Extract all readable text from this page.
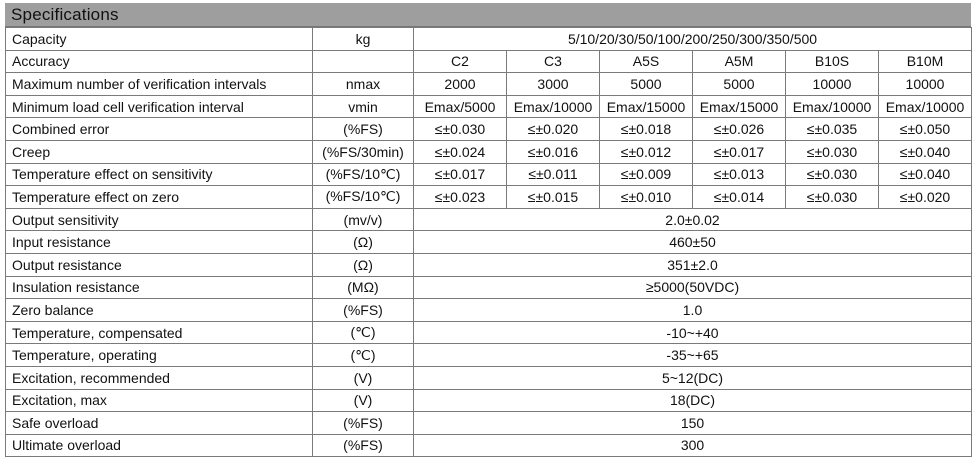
Specifications
Capacity	kg	5/10/20/30/50/100/200/250/300/350/500					
Accuracy		C2	C3	A5S	A5M	B10S	B10M
Maximum number of verification intervals	nmax	2000	3000	5000	5000	10000	10000
Minimum load cell verification interval	vmin	Emax/5000	Emax/10000	Emax/15000	Emax/15000	Emax/10000	Emax/10000
Combined error	(%FS)	≤±0.030	≤±0.020	≤±0.018	≤±0.026	≤±0.035	≤±0.050
Creep	(%FS/30min)	≤±0.024	≤±0.016	≤±0.012	≤±0.017	≤±0.030	≤±0.040
Temperature effect on sensitivity	(%FS/10℃)	≤±0.017	≤±0.011	≤±0.009	≤±0.013	≤±0.030	≤±0.040
Temperature effect on zero	(%FS/10℃)	≤±0.023	≤±0.015	≤±0.010	≤±0.014	≤±0.030	≤±0.020
Output sensitivity	(mv/v)	2.0±0.02					
Input resistance	(Ω)	460±50					
Output resistance	(Ω)	351±2.0					
Insulation resistance	(MΩ)	≥5000(50VDC)					
Zero balance	(%FS)	1.0					
Temperature, compensated	(℃)	-10~+40					
Temperature, operating	(℃)	-35~+65					
Excitation, recommended	(V)	5~12(DC)					
Excitation, max	(V)	18(DC)					
Safe overload	(%FS)	150					
Ultimate overload	(%FS)	300					
